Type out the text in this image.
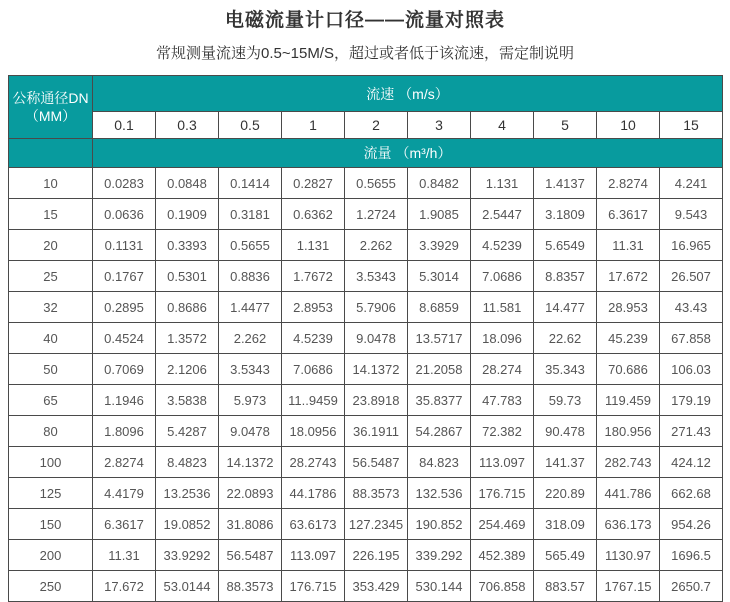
电磁流量计口径——流量对照表

常规测量流速为0.5~15M/S，超过或者低于该流速，需定制说明

公称通径DN
（MM）	流速 （m/s）									
	0.1	0.3	0.5	1	2	3	4	5	10	15
	流量 （m³/h）									
10	0.0283	0.0848	0.1414	0.2827	0.5655	0.8482	1.131	1.4137	2.8274	4.241
15	0.0636	0.1909	0.3181	0.6362	1.2724	1.9085	2.5447	3.1809	6.3617	9.543
20	0.1131	0.3393	0.5655	1.131	2.262	3.3929	4.5239	5.6549	11.31	16.965
25	0.1767	0.5301	0.8836	1.7672	3.5343	5.3014	7.0686	8.8357	17.672	26.507
32	0.2895	0.8686	1.4477	2.8953	5.7906	8.6859	11.581	14.477	28.953	43.43
40	0.4524	1.3572	2.262	4.5239	9.0478	13.5717	18.096	22.62	45.239	67.858
50	0.7069	2.1206	3.5343	7.0686	14.1372	21.2058	28.274	35.343	70.686	106.03
65	1.1946	3.5838	5.973	11..9459	23.8918	35.8377	47.783	59.73	119.459	179.19
80	1.8096	5.4287	9.0478	18.0956	36.1911	54.2867	72.382	90.478	180.956	271.43
100	2.8274	8.4823	14.1372	28.2743	56.5487	84.823	113.097	141.37	282.743	424.12
125	4.4179	13.2536	22.0893	44.1786	88.3573	132.536	176.715	220.89	441.786	662.68
150	6.3617	19.0852	31.8086	63.6173	127.2345	190.852	254.469	318.09	636.173	954.26
200	11.31	33.9292	56.5487	113.097	226.195	339.292	452.389	565.49	1130.97	1696.5
250	17.672	53.0144	88.3573	176.715	353.429	530.144	706.858	883.57	1767.15	2650.7
